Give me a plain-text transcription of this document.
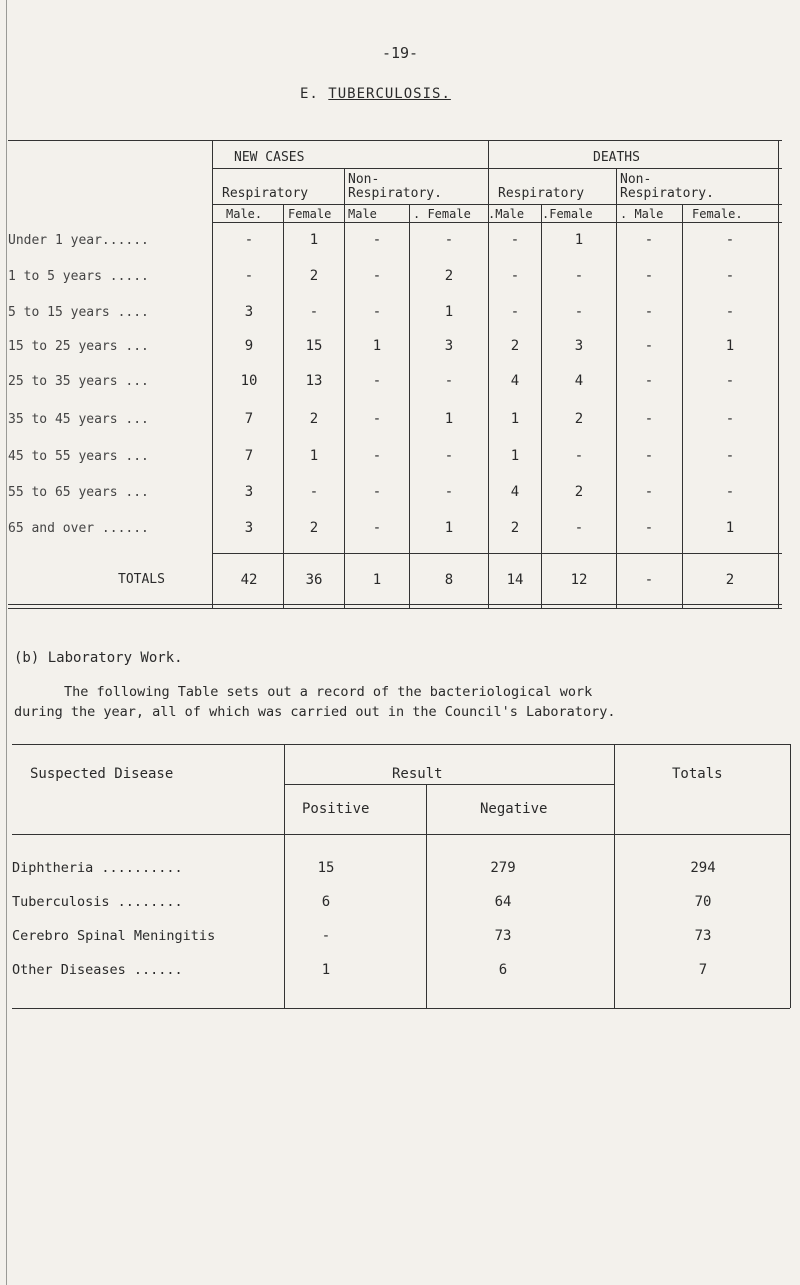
-19-
E. TUBERCULOSIS.
NEW CASES	DEATHS
Respiratory
Non-
Respiratory.	Respiratory
Non-
Respiratory.
Male. Female Male	. Female .Male .Female . Male Female.
Under 1 year......	-	1	-	-	-	1	-	-
1 to 5 years .....	-	2	-	2	-	-	-	-
5 to 15 years ....	3	-	-	1	-	-	-	-
15 to 25 years ...	9	15	1	3	2	3	-	1
25 to 35 years ...	10	13	-	-	4	4	-	-
35 to 45 years ...	7	2	-	1	1	2	-	-
45 to 55 years ...	7	1	-	-	1	-	-	-
55 to 65 years ...	3	-	-	-	4	2	-	-
65 and over ......	3	2	-	1	2	-	-	1
TOTALS	42	36	1	8	14	12	-	2
(b) Laboratory Work.
The following Table sets out a record of the bacteriological work
during the year, all of which was carried out in the Council's Laboratory.
Suspected Disease	Result	Totals
Positive	Negative
Diphtheria ..........	15	279	294
Tuberculosis ........	6	64	70
Cerebro Spinal Meningitis	-	73	73
Other Diseases ......	1	6	7
